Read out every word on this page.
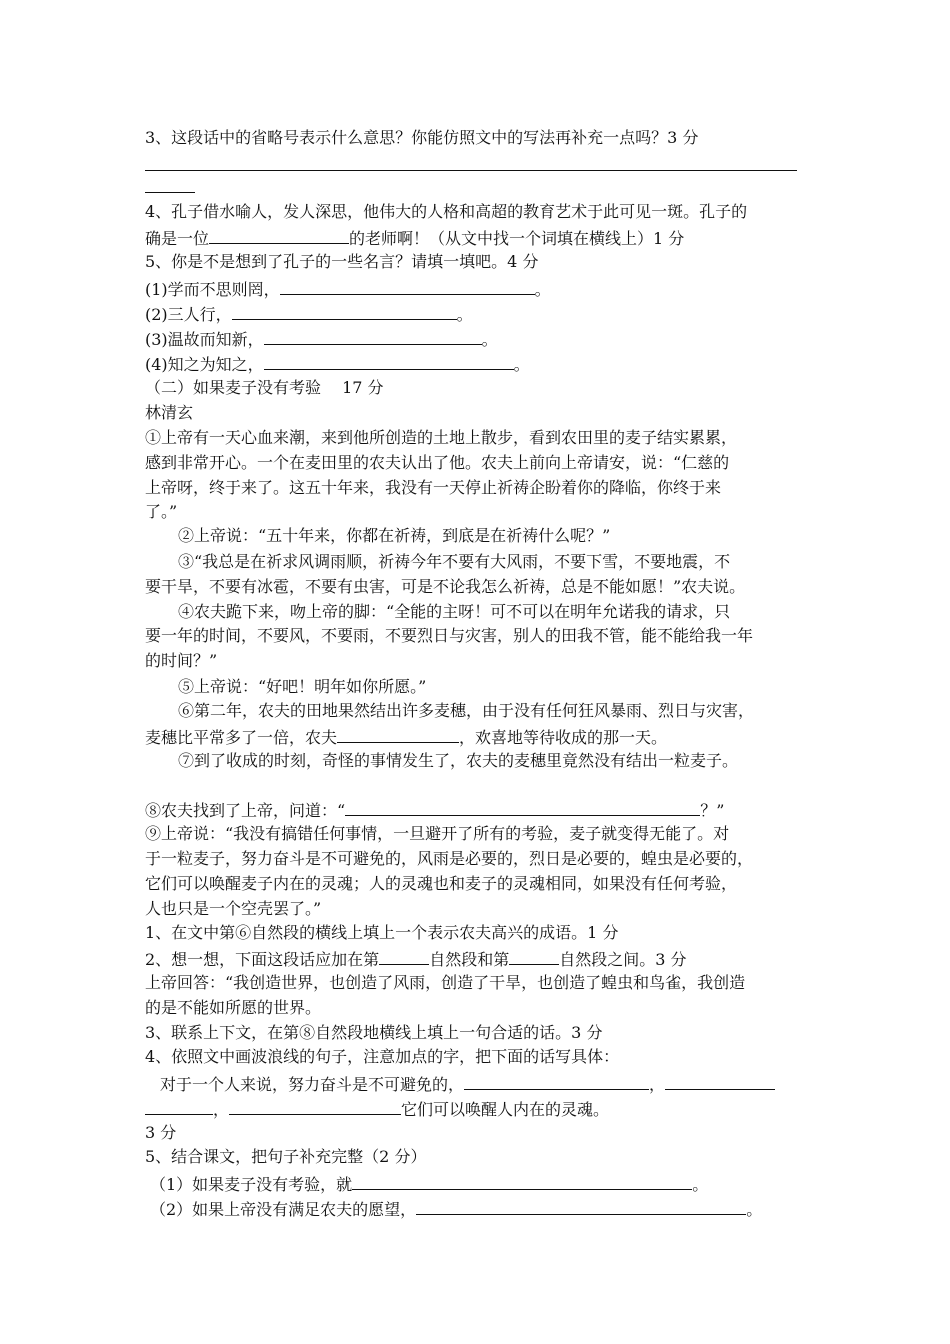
3、这段话中的省略号表示什么意思？你能仿照文中的写法再补充一点吗？3 分
4、孔子借水喻人，发人深思，他伟大的人格和高超的教育艺术于此可见一斑。孔子的
确是一位	的老师啊！（从文中找一个词填在横线上）1 分
5、你是不是想到了孔子的一些名言？请填一填吧。4 分
(1)学而不思则罔，	。
(2)三人行，	。
(3)温故而知新，	。
(4)知之为知之，	。
（二）如果麦子没有考验　 17 分
林清玄
①上帝有一天心血来潮，来到他所创造的土地上散步，看到农田里的麦子结实累累，
感到非常开心。一个在麦田里的农夫认出了他。农夫上前向上帝请安，说：“仁慈的
上帝呀，终于来了。这五十年来，我没有一天停止祈祷企盼着你的降临，你终于来
了。”
②上帝说：“五十年来，你都在祈祷，到底是在祈祷什么呢？”
③“我总是在祈求风调雨顺，祈祷今年不要有大风雨，不要下雪，不要地震，不
要干旱，不要有冰雹，不要有虫害，可是不论我怎么祈祷，总是不能如愿！”农夫说。
④农夫跪下来，吻上帝的脚：“全能的主呀！可不可以在明年允诺我的请求，只
要一年的时间，不要风，不要雨，不要烈日与灾害，别人的田我不管，能不能给我一年
的时间？”
⑤上帝说：“好吧！明年如你所愿。”
⑥第二年，农夫的田地果然结出许多麦穗，由于没有任何狂风暴雨、烈日与灾害，
麦穗比平常多了一倍，农夫	，欢喜地等待收成的那一天。
⑦到了收成的时刻，奇怪的事情发生了，农夫的麦穗里竟然没有结出一粒麦子。
⑧农夫找到了上帝，问道：“	？”
⑨上帝说：“我没有搞错任何事情，一旦避开了所有的考验，麦子就变得无能了。对
于一粒麦子，努力奋斗是不可避免的，风雨是必要的，烈日是必要的，蝗虫是必要的，
它们可以唤醒麦子内在的灵魂；人的灵魂也和麦子的灵魂相同，如果没有任何考验，
人也只是一个空壳罢了。”
1、在文中第⑥自然段的横线上填上一个表示农夫高兴的成语。1 分
2、想一想，下面这段话应加在第	自然段和第	自然段之间。3 分
上帝回答：“我创造世界，也创造了风雨，创造了干旱，也创造了蝗虫和鸟雀，我创造
的是不能如所愿的世界。
3、联系上下文，在第⑧自然段地横线上填上一句合适的话。3 分
4、依照文中画波浪线的句子，注意加点的字，把下面的话写具体：
对于一个人来说，努力奋斗是不可避免的，	，
，	它们可以唤醒人内在的灵魂。
3 分
5、结合课文，把句子补充完整（2 分）
（1）如果麦子没有考验，就	。
（2）如果上帝没有满足农夫的愿望，	。
